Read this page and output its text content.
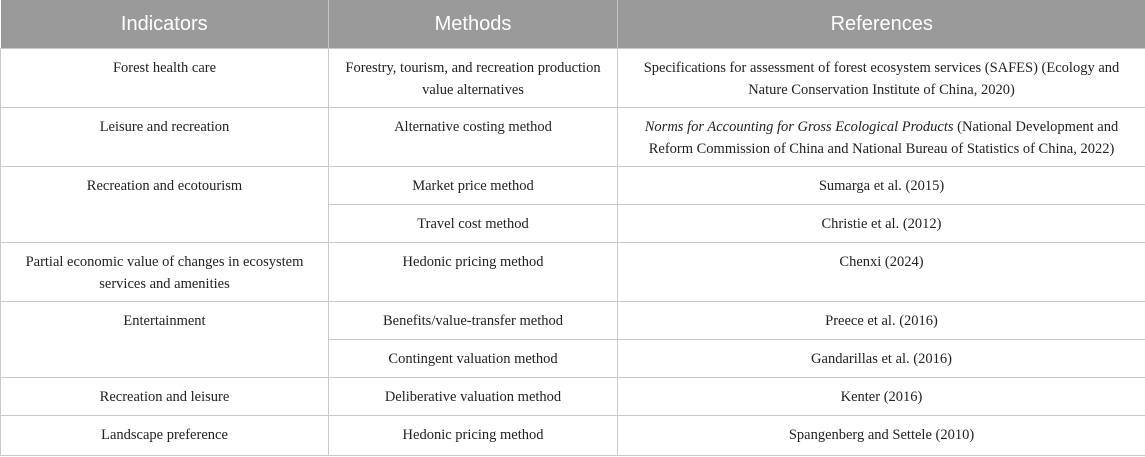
Indicators	Methods	References
Forest health care	Forestry, tourism, and recreation production value alternatives	Specifications for assessment of forest ecosystem services (SAFES) (Ecology and Nature Conservation Institute of China, 2020)
Leisure and recreation	Alternative costing method	Norms for Accounting for Gross Ecological Products (National Development and Reform Commission of China and National Bureau of Statistics of China, 2022)
Recreation and ecotourism	Market price method	Sumarga et al. (2015)
	Travel cost method	Christie et al. (2012)
Partial economic value of changes in ecosystem services and amenities	Hedonic pricing method	Chenxi (2024)
Entertainment	Benefits/value-transfer method	Preece et al. (2016)
	Contingent valuation method	Gandarillas et al. (2016)
Recreation and leisure	Deliberative valuation method	Kenter (2016)
Landscape preference	Hedonic pricing method	Spangenberg and Settele (2010)
